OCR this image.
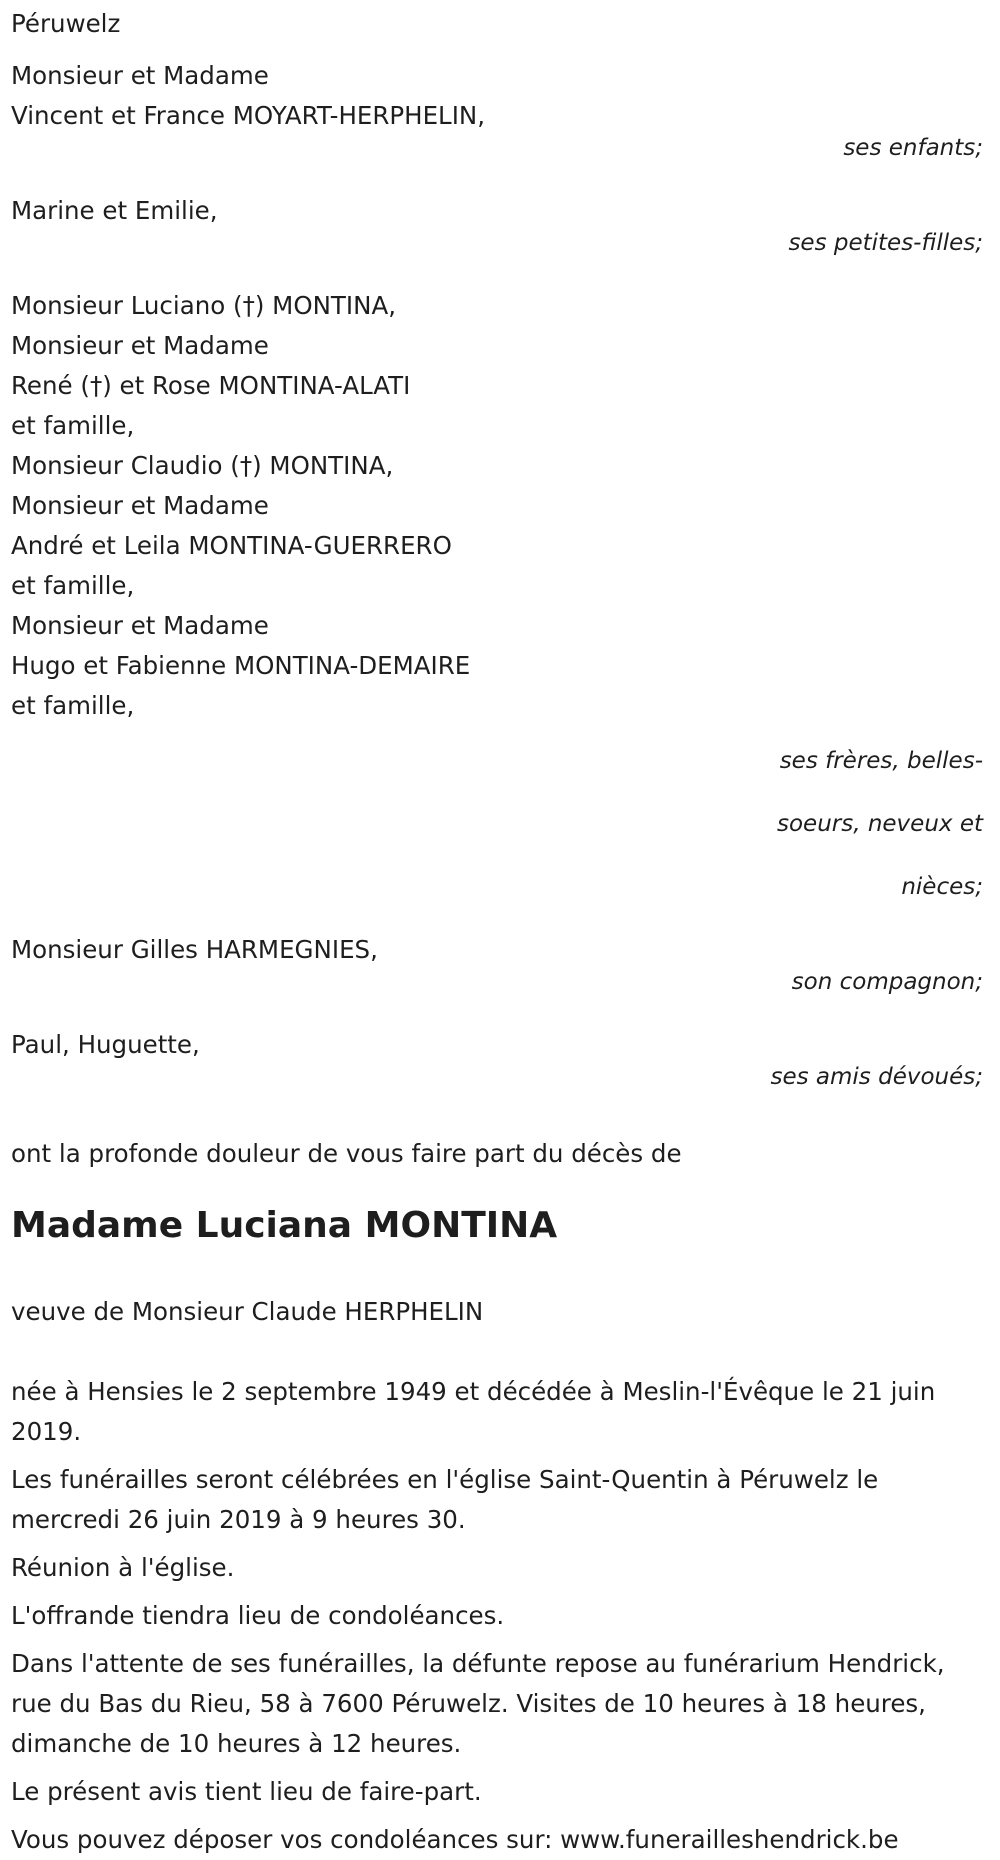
Péruwelz

Monsieur et Madame

Vincent et France MOYART-HERPHELIN,

ses enfants;

Marine et Emilie,

ses petites-filles;

Monsieur Luciano (†) MONTINA,

Monsieur et Madame

René (†) et Rose MONTINA-ALATI

et famille,

Monsieur Claudio (†) MONTINA,

Monsieur et Madame

André et Leila MONTINA-GUERRERO

et famille,

Monsieur et Madame

Hugo et Fabienne MONTINA-DEMAIRE

et famille,

ses frères, belles-

soeurs, neveux et

nièces;

Monsieur Gilles HARMEGNIES,

son compagnon;

Paul, Huguette,

ses amis dévoués;

ont la profonde douleur de vous faire part du décès de

Madame Luciana MONTINA

veuve de Monsieur Claude HERPHELIN

née à Hensies le 2 septembre 1949 et décédée à Meslin-l'Évêque le 21 juin 2019.

Les funérailles seront célébrées en l'église Saint-Quentin à Péruwelz le mercredi 26 juin 2019 à 9 heures 30.

Réunion à l'église.

L'offrande tiendra lieu de condoléances.

Dans l'attente de ses funérailles, la défunte repose au funérarium Hendrick, rue du Bas du Rieu, 58 à 7600 Péruwelz. Visites de 10 heures à 18 heures, dimanche de 10 heures à 12 heures.

Le présent avis tient lieu de faire-part.

Vous pouvez déposer vos condoléances sur: www.funerailleshendrick.be
